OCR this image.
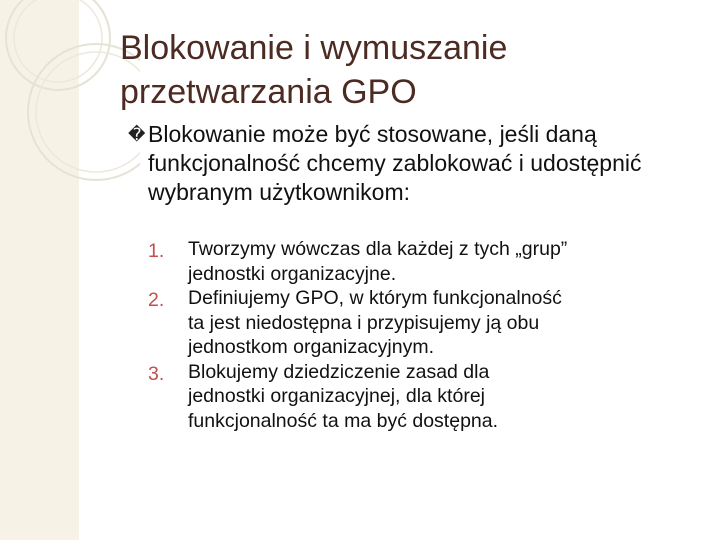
Blokowanie i wymuszanie
przetwarzania GPO
� Blokowanie może być stosowane, jeśli daną funkcjonalność chcemy zablokować i udostępnić wybranym użytkownikom:
1.	Tworzymy wówczas dla każdej z tych „grup”
jednostki organizacyjne.
2.	Definiujemy GPO, w którym funkcjonalność
ta jest niedostępna i przypisujemy ją obu
jednostkom organizacyjnym.
3.	Blokujemy dziedziczenie zasad dla
jednostki organizacyjnej, dla której
funkcjonalność ta ma być dostępna.
